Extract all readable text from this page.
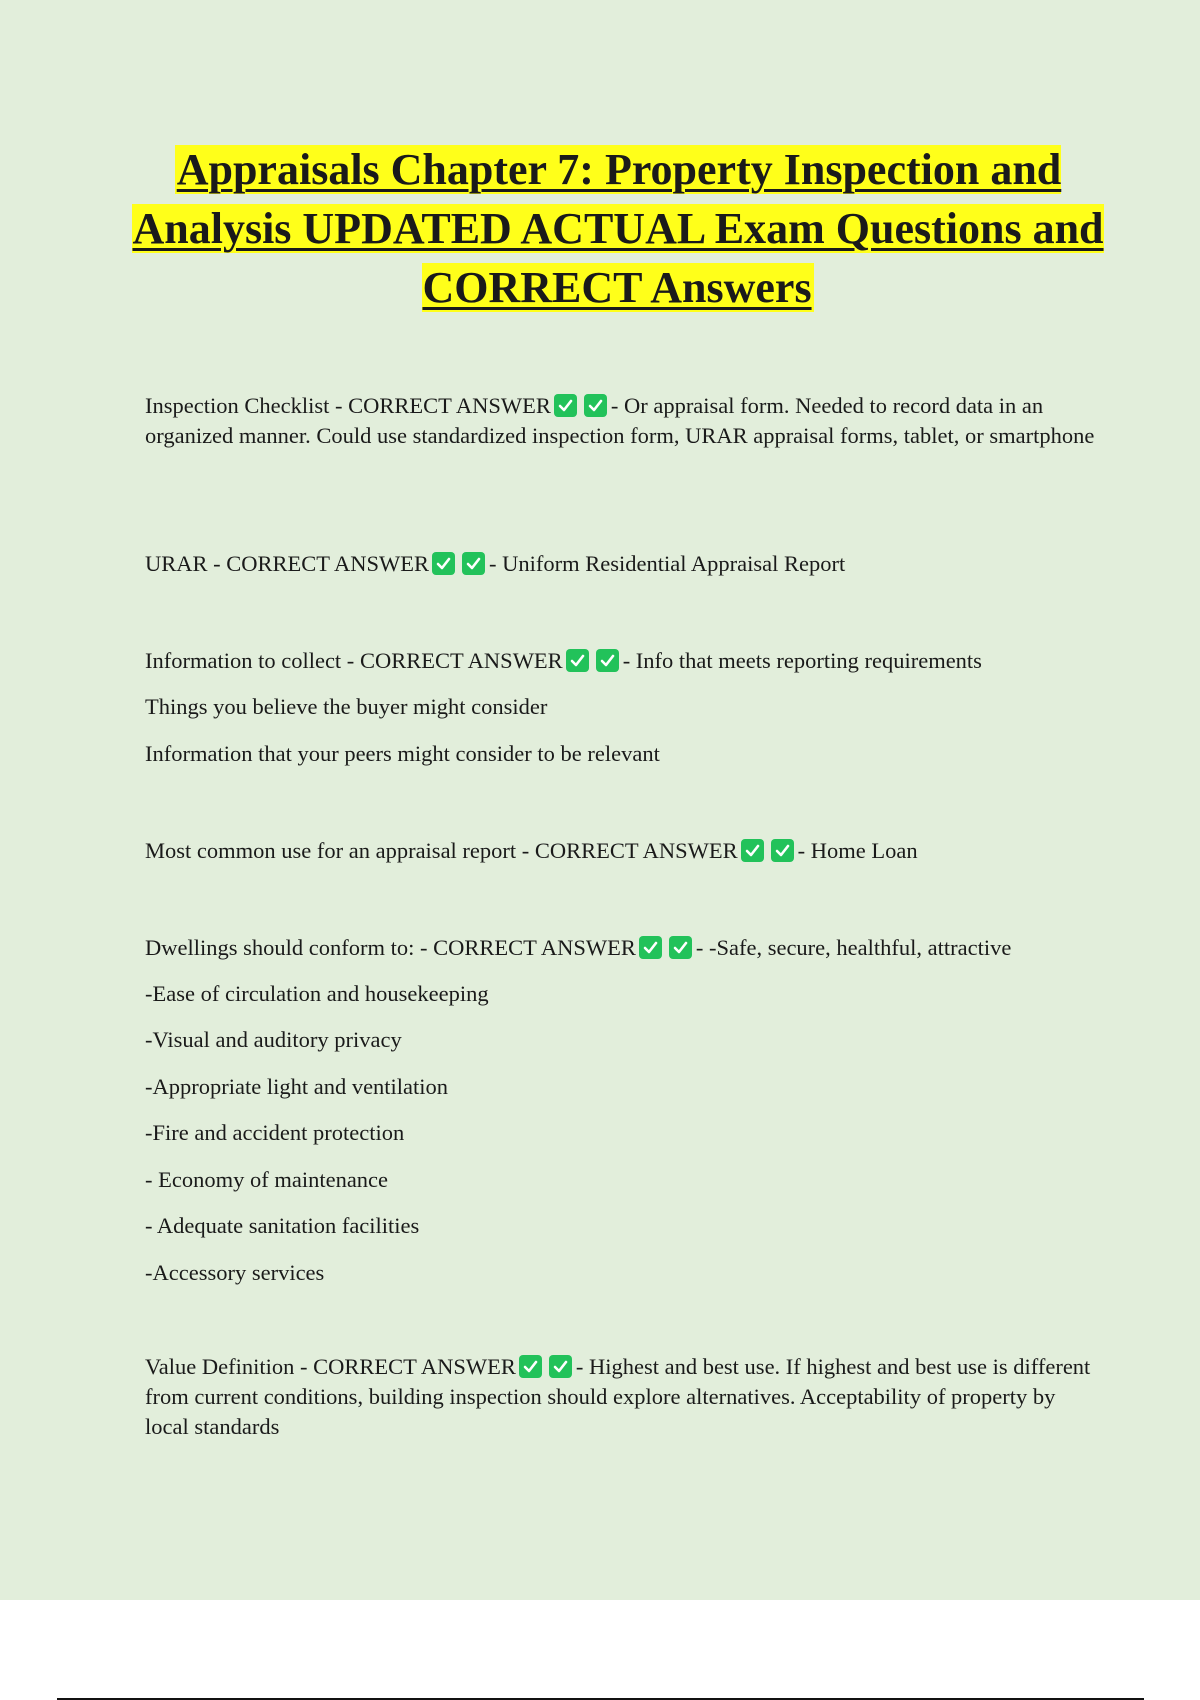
Appraisals Chapter 7: Property Inspection and Analysis UPDATED ACTUAL Exam Questions and CORRECT Answers

Inspection Checklist - CORRECT ANSWER	- Or appraisal form. Needed to record data in an organized manner. Could use standardized inspection form, URAR appraisal forms, tablet, or smartphone

URAR - CORRECT ANSWER	- Uniform Residential Appraisal Report

Information to collect - CORRECT ANSWER	- Info that meets reporting requirements

Things you believe the buyer might consider

Information that your peers might consider to be relevant

Most common use for an appraisal report - CORRECT ANSWER	- Home Loan

Dwellings should conform to: - CORRECT ANSWER	- -Safe, secure, healthful, attractive

-Ease of circulation and housekeeping

-Visual and auditory privacy

-Appropriate light and ventilation

-Fire and accident protection

- Economy of maintenance

- Adequate sanitation facilities

-Accessory services

Value Definition - CORRECT ANSWER	- Highest and best use. If highest and best use is different from current conditions, building inspection should explore alternatives. Acceptability of property by local standards
